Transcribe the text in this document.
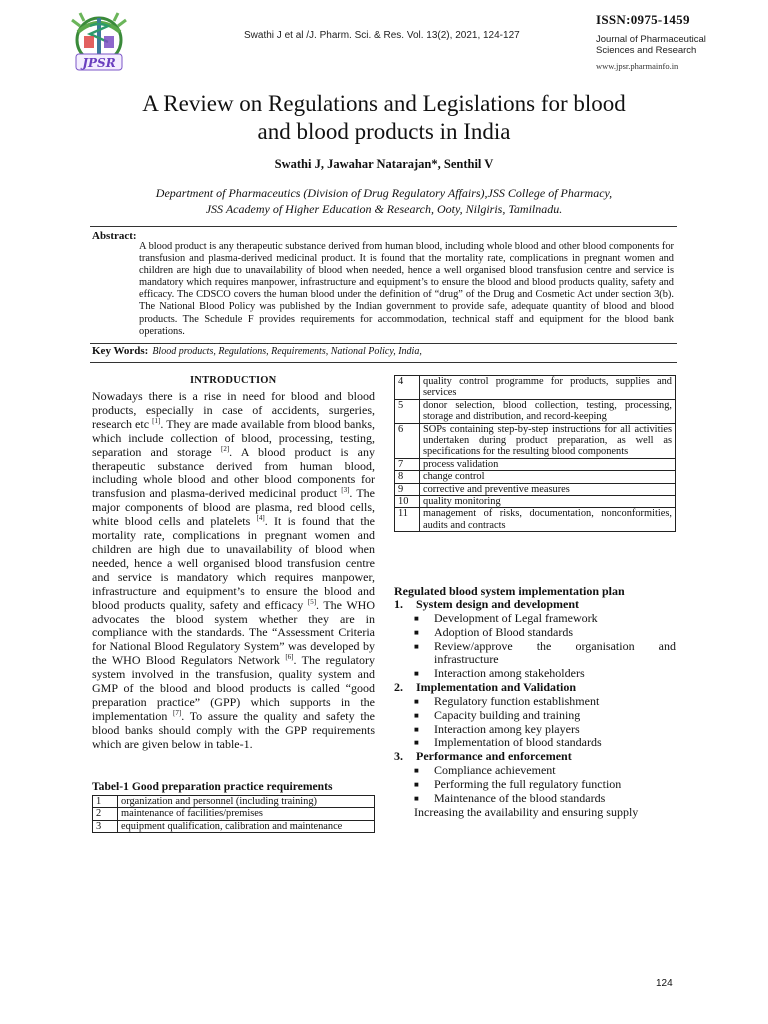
JPSR
Swathi J et al /J. Pharm. Sci. & Res. Vol. 13(2), 2021, 124-127
ISSN:0975-1459
Journal of Pharmaceutical
Sciences and Research
www.jpsr.pharmainfo.in
A Review on Regulations and Legislations for blood
and blood products in India
Swathi J, Jawahar Natarajan*, Senthil V
Department of Pharmaceutics (Division of Drug Regulatory Affairs),JSS College of Pharmacy,
JSS Academy of Higher Education & Research, Ooty, Nilgiris, Tamilnadu.
Abstract:
A blood product is any therapeutic substance derived from human blood, including whole blood and other blood components for transfusion and plasma-derived medicinal product. It is found that the mortality rate, complications in pregnant women and children are high due to unavailability of blood when needed, hence a well organised blood transfusion centre and service is mandatory which requires manpower, infrastructure and equipment’s to ensure the blood and blood products quality, safety and efficacy. The CDSCO covers the human blood under the definition of “drug” of the Drug and Cosmetic Act under section 3(b). The National Blood Policy was published by the Indian government to provide safe, adequate quantity of blood and blood products. The Schedule F provides requirements for accommodation, technical staff and equipment for the blood bank operations.
Key Words: Blood products, Regulations, Requirements, National Policy, India,
INTRODUCTION
Nowadays there is a rise in need for blood and blood products, especially in case of accidents, surgeries, research etc [1]. They are made available from blood banks, which include collection of blood, processing, testing, separation and storage [2]. A blood product is any therapeutic substance derived from human blood, including whole blood and other blood components for transfusion and plasma-derived medicinal product [3]. The major components of blood are plasma, red blood cells, white blood cells and platelets [4]. It is found that the mortality rate, complications in pregnant women and children are high due to unavailability of blood when needed, hence a well organised blood transfusion centre and service is mandatory which requires manpower, infrastructure and equipment’s to ensure the blood and blood products quality, safety and efficacy [5]. The WHO advocates the blood system whether they are in compliance with the standards. The “Assessment Criteria for National Blood Regulatory System” was developed by the WHO Blood Regulators Network [6]. The regulatory system involved in the transfusion, quality system and GMP of the blood and blood products is called “good preparation practice” (GPP) which supports in the implementation [7]. To assure the quality and safety the blood banks should comply with the GPP requirements which are given below in table-1.
Tabel-1 Good preparation practice requirements
1	organization and personnel (including training)
2	maintenance of facilities/premises
3	equipment qualification, calibration and maintenance
4	quality control programme for products, supplies and services
5	donor selection, blood collection, testing, processing, storage and distribution, and record-keeping
6	SOPs containing step-by-step instructions for all activities undertaken during product preparation, as well as specifications for the resulting blood components
7	process validation
8	change control
9	corrective and preventive measures
10	quality monitoring
11	management of risks, documentation, nonconformities, audits and contracts
Regulated blood system implementation plan
1. System design and development
■ Development of Legal framework
■ Adoption of Blood standards
■ Review/approve the organisation and infrastructure
■ Interaction among stakeholders
2. Implementation and Validation
■ Regulatory function establishment
■ Capacity building and training
■ Interaction among key players
■ Implementation of blood standards
3. Performance and enforcement
■ Compliance achievement
■ Performing the full regulatory function
■ Maintenance of the blood standards
Increasing the availability and ensuring supply
124
